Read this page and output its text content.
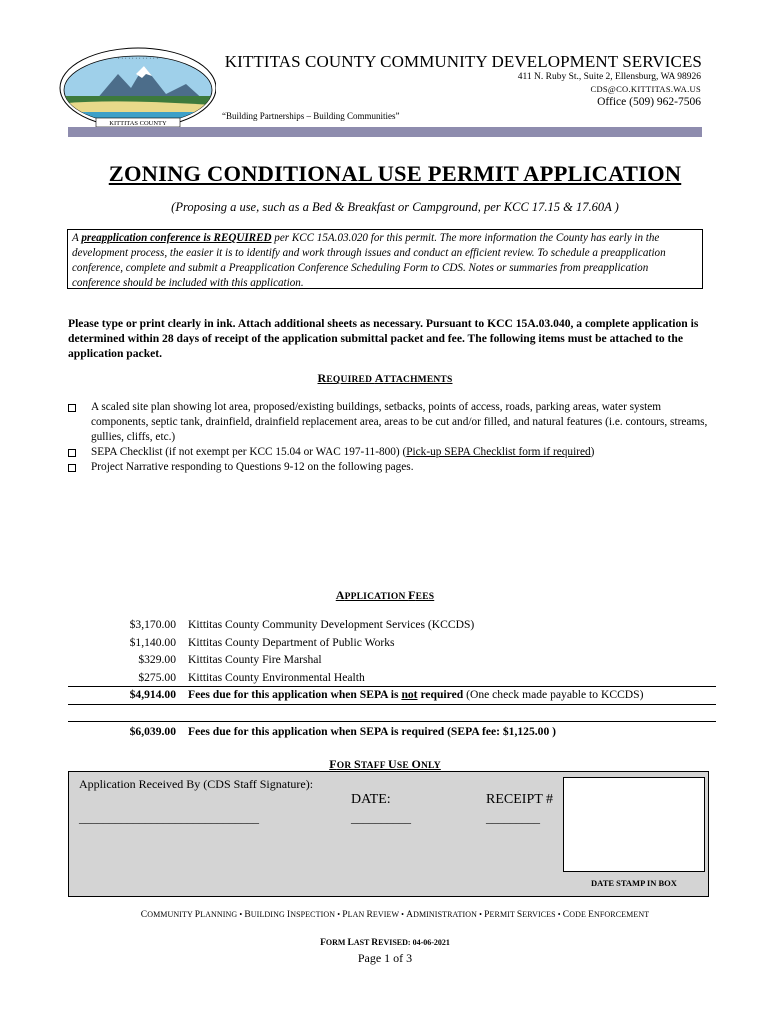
· · · · · · · · · · · ·
KITTITAS COUNTY
KITTITAS COUNTY COMMUNITY DEVELOPMENT SERVICES
411 N. Ruby St., Suite 2, Ellensburg, WA 98926
CDS@CO.KITTITAS.WA.US
Office (509) 962-7506
“Building Partnerships – Building Communities”
ZONING CONDITIONAL USE PERMIT APPLICATION
(Proposing a use, such as a Bed & Breakfast or Campground, per KCC 17.15 & 17.60A )
A preapplication conference is REQUIRED per KCC 15A.03.020 for this permit. The more information the County has early in the development process, the easier it is to identify and work through issues and conduct an efficient review. To schedule a preapplication conference, complete and submit a Preapplication Conference Scheduling Form to CDS. Notes or summaries from preapplication conference should be included with this application.
Please type or print clearly in ink. Attach additional sheets as necessary. Pursuant to KCC 15A.03.040, a complete application is determined within 28 days of receipt of the application submittal packet and fee. The following items must be attached to the application packet.
REQUIRED ATTACHMENTS
A scaled site plan showing lot area, proposed/existing buildings, setbacks, points of access, roads, parking areas, water system components, septic tank, drainfield, drainfield replacement area, areas to be cut and/or filled, and natural features (i.e. contours, streams, gullies, cliffs, etc.)
SEPA Checklist (if not exempt per KCC 15.04 or WAC 197-11-800) (Pick-up SEPA Checklist form if required)
Project Narrative responding to Questions 9-12 on the following pages.
APPLICATION FEES
$3,170.00 Kittitas County Community Development Services (KCCDS)
$1,140.00 Kittitas County Department of Public Works
$329.00 Kittitas County Fire Marshal
$275.00 Kittitas County Environmental Health
$4,914.00 Fees due for this application when SEPA is not required (One check made payable to KCCDS)
$6,039.00 Fees due for this application when SEPA is required (SEPA fee: $1,125.00 )
FOR STAFF USE ONLY
Application Received By (CDS Staff Signature):
______________________________
DATE:
__________
RECEIPT #
_________
DATE STAMP IN BOX
COMMUNITY PLANNING • BUILDING INSPECTION • PLAN REVIEW • ADMINISTRATION • PERMIT SERVICES • CODE ENFORCEMENT
FORM LAST REVISED: 04-06-2021
Page 1 of 3
